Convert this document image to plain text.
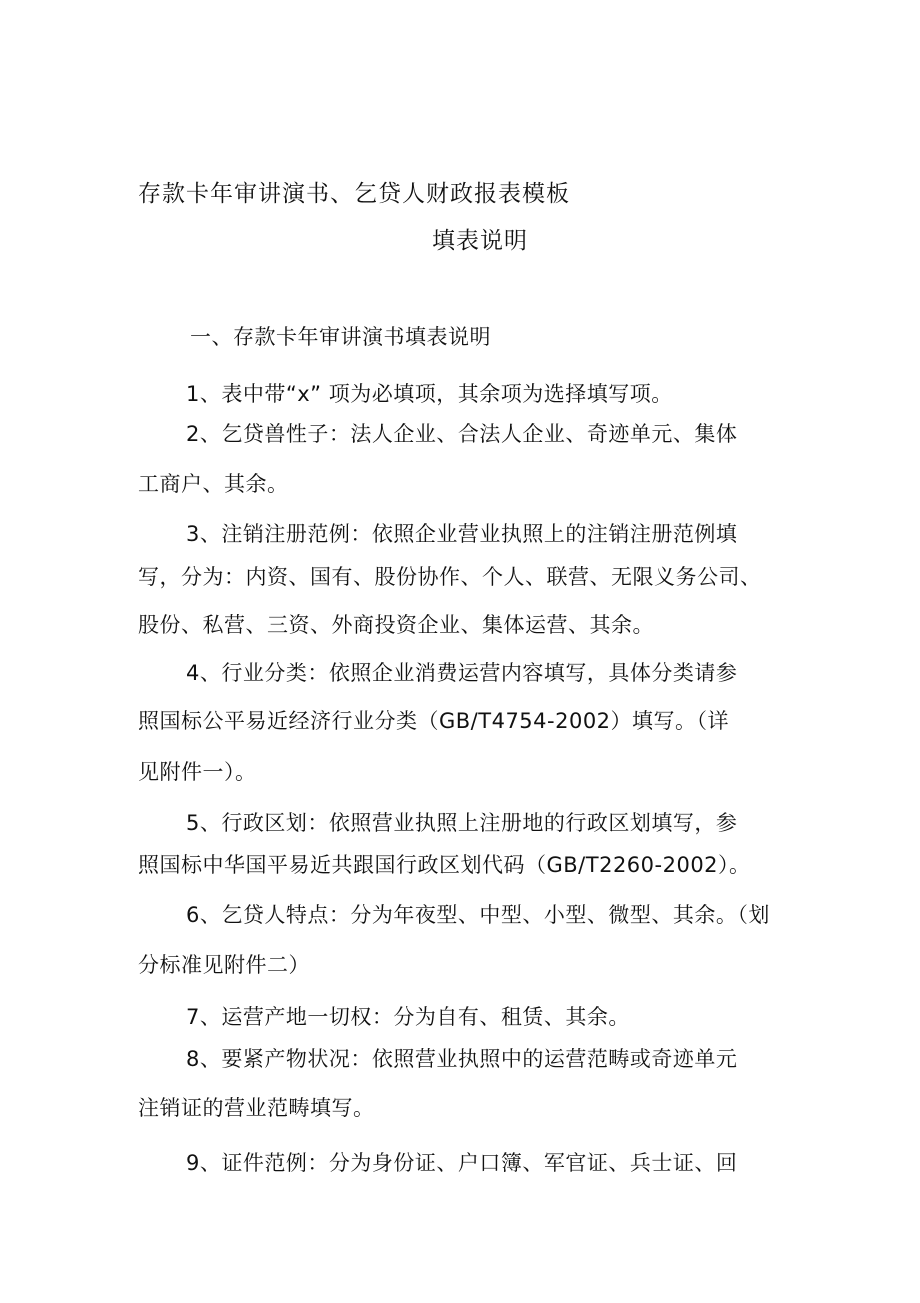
存款卡年审讲演书、乞贷人财政报表模板
填表说明
一、存款卡年审讲演书填表说明
1、表中带“x” 项为必填项，其余项为选择填写项。
2、乞贷兽性子：法人企业、合法人企业、奇迹单元、集体
工商户、其余。
3、注销注册范例：依照企业营业执照上的注销注册范例填
写，分为：内资、国有、股份协作、个人、联营、无限义务公司、
股份、私营、三资、外商投资企业、集体运营、其余。
4、行业分类：依照企业消费运营内容填写，具体分类请参
照国标公平易近经济行业分类（GB/T4754-2002）填写。（详
见附件一）。
5、行政区划：依照营业执照上注册地的行政区划填写，参
照国标中华国平易近共跟国行政区划代码（GB/T2260-2002）。
6、乞贷人特点：分为年夜型、中型、小型、微型、其余。（划
分标准见附件二）
7、运营产地一切权：分为自有、租赁、其余。
8、要紧产物状况：依照营业执照中的运营范畴或奇迹单元
注销证的营业范畴填写。
9、证件范例：分为身份证、户口簿、军官证、兵士证、回
